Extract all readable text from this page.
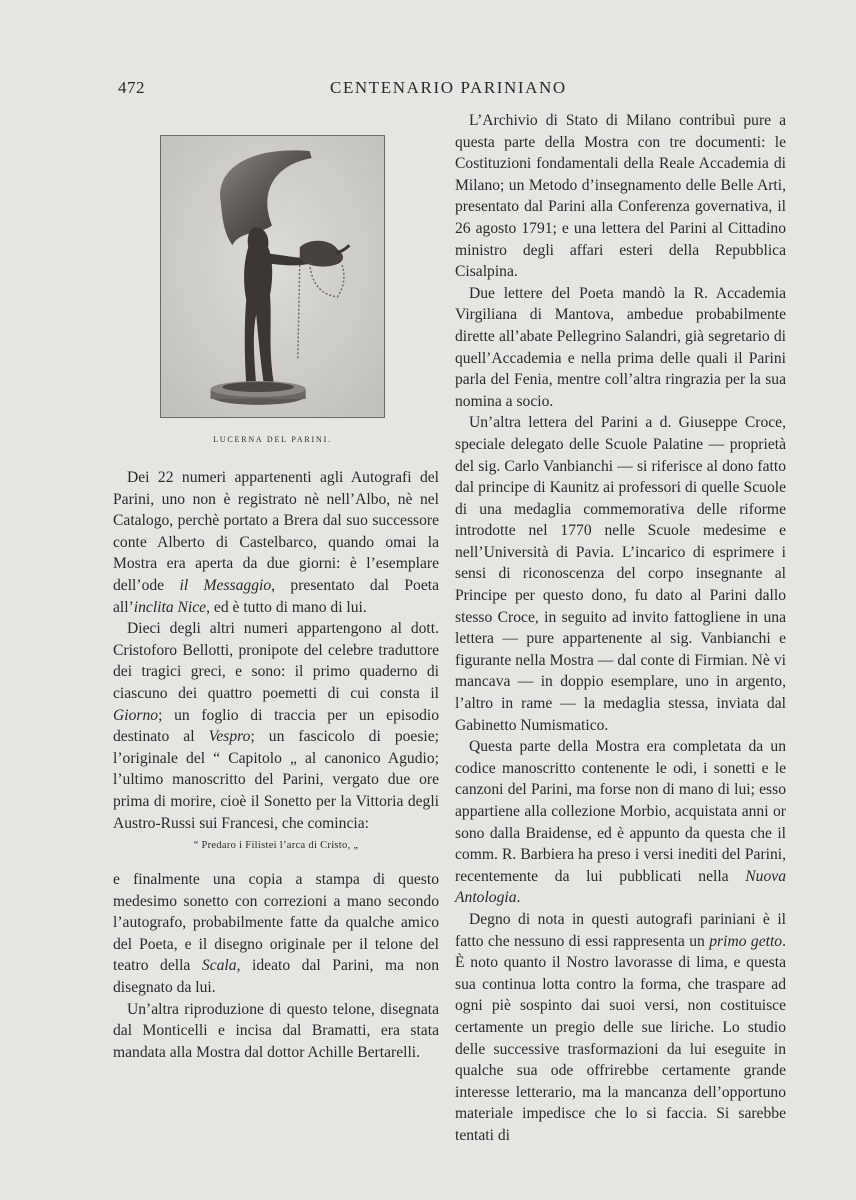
472	CENTENARIO PARINIANO
LUCERNA DEL PARINI.

Dei 22 numeri appartenenti agli Autografi del Parini, uno non è registrato nè nell’Albo, nè nel Catalogo, perchè portato a Brera dal suo successore conte Alberto di Castelbarco, quando omai la Mostra era aperta da due giorni: è l’esemplare dell’ode il Messaggio, presentato dal Poeta all’inclita Nice, ed è tutto di mano di lui.

Dieci degli altri numeri appartengono al dott. Cristoforo Bellotti, pronipote del celebre traduttore dei tragici greci, e sono: il primo quaderno di ciascuno dei quattro poemetti di cui consta il Giorno; un foglio di traccia per un episodio destinato al Vespro; un fascicolo di poesie; l’originale del “ Capitolo „ al canonico Agudio; l’ultimo manoscritto del Parini, vergato due ore prima di morire, cioè il Sonetto per la Vittoria degli Austro-Russi sui Francesi, che comincia:

“ Predaro i Filistei l’arca di Cristo, „

e finalmente una copia a stampa di questo medesimo sonetto con correzioni a mano secondo l’autografo, probabilmente fatte da qualche amico del Poeta, e il disegno originale per il telone del teatro della Scala, ideato dal Parini, ma non disegnato da lui.

Un’altra riproduzione di questo telone, disegnata dal Monticelli e incisa dal Bramatti, era stata mandata alla Mostra dal dottor Achille Bertarelli.

L’Archivio di Stato di Milano contribuì pure a questa parte della Mostra con tre documenti: le Costituzioni fondamentali della Reale Accademia di Milano; un Metodo d’insegnamento delle Belle Arti, presentato dal Parini alla Conferenza governativa, il 26 agosto 1791; e una lettera del Parini al Cittadino ministro degli affari esteri della Repubblica Cisalpina.

Due lettere del Poeta mandò la R. Accademia Virgiliana di Mantova, ambedue probabilmente dirette all’abate Pellegrino Salandri, già segretario di quell’Accademia e nella prima delle quali il Parini parla del Fenia, mentre coll’altra ringrazia per la sua nomina a socio.

Un’altra lettera del Parini a d. Giuseppe Croce, speciale delegato delle Scuole Palatine — proprietà del sig. Carlo Vanbianchi — si riferisce al dono fatto dal principe di Kaunitz ai professori di quelle Scuole di una medaglia commemorativa delle riforme introdotte nel 1770 nelle Scuole medesime e nell’Università di Pavia. L’incarico di esprimere i sensi di riconoscenza del corpo insegnante al Principe per questo dono, fu dato al Parini dallo stesso Croce, in seguito ad invito fattogliene in una lettera — pure appartenente al sig. Vanbianchi e figurante nella Mostra — dal conte di Firmian. Nè vi mancava — in doppio esemplare, uno in argento, l’altro in rame — la medaglia stessa, inviata dal Gabinetto Numismatico.

Questa parte della Mostra era completata da un codice manoscritto contenente le odi, i sonetti e le canzoni del Parini, ma forse non di mano di lui; esso appartiene alla collezione Morbio, acquistata anni or sono dalla Braidense, ed è appunto da questa che il comm. R. Barbiera ha preso i versi inediti del Parini, recentemente da lui pubblicati nella Nuova Antologia.

Degno di nota in questi autografi pariniani è il fatto che nessuno di essi rappresenta un primo getto. È noto quanto il Nostro lavorasse di lima, e questa sua continua lotta contro la forma, che traspare ad ogni piè sospinto dai suoi versi, non costituisce certamente un pregio delle sue liriche. Lo studio delle successive trasformazioni da lui eseguite in qualche sua ode offrirebbe certamente grande interesse letterario, ma la mancanza dell’opportuno materiale impedisce che lo si faccia. Si sarebbe tentati di
